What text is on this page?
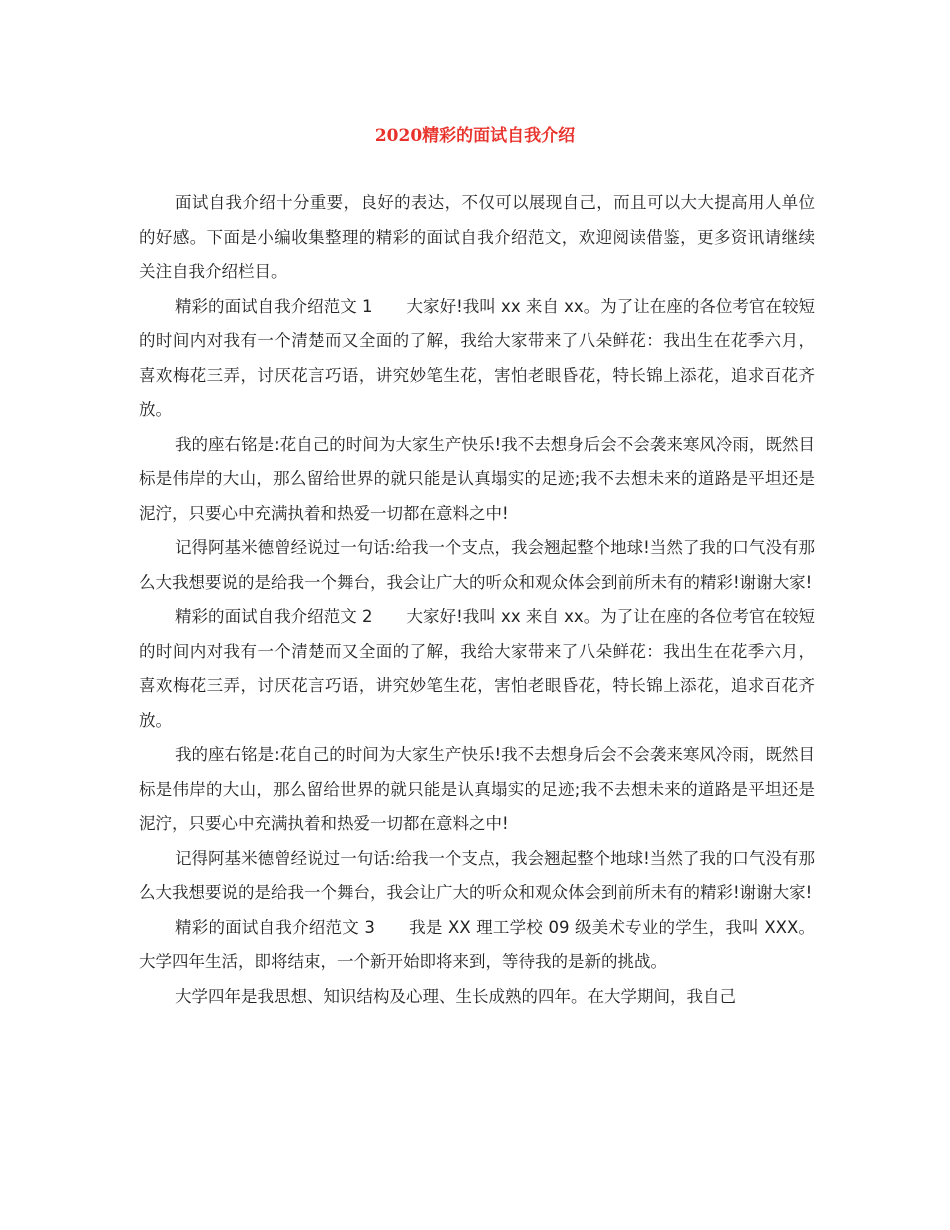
2020精彩的面试自我介绍

面试自我介绍十分重要，良好的表达，不仅可以展现自己，而且可以大大提高用人单位的好感。下面是小编收集整理的精彩的面试自我介绍范文，欢迎阅读借鉴，更多资讯请继续关注自我介绍栏目。

精彩的面试自我介绍范文 1 大家好!我叫 xx 来自 xx。为了让在座的各位考官在较短的时间内对我有一个清楚而又全面的了解，我给大家带来了八朵鲜花：我出生在花季六月，喜欢梅花三弄，讨厌花言巧语，讲究妙笔生花，害怕老眼昏花，特长锦上添花，追求百花齐放。

我的座右铭是:花自己的时间为大家生产快乐!我不去想身后会不会袭来寒风冷雨，既然目标是伟岸的大山，那么留给世界的就只能是认真塌实的足迹;我不去想未来的道路是平坦还是泥泞，只要心中充满执着和热爱一切都在意料之中!

记得阿基米德曾经说过一句话:给我一个支点，我会翘起整个地球!当然了我的口气没有那么大我想要说的是给我一个舞台，我会让广大的听众和观众体会到前所未有的精彩!谢谢大家!

精彩的面试自我介绍范文 2 大家好!我叫 xx 来自 xx。为了让在座的各位考官在较短的时间内对我有一个清楚而又全面的了解，我给大家带来了八朵鲜花：我出生在花季六月，喜欢梅花三弄，讨厌花言巧语，讲究妙笔生花，害怕老眼昏花，特长锦上添花，追求百花齐放。

我的座右铭是:花自己的时间为大家生产快乐!我不去想身后会不会袭来寒风冷雨，既然目标是伟岸的大山，那么留给世界的就只能是认真塌实的足迹;我不去想未来的道路是平坦还是泥泞，只要心中充满执着和热爱一切都在意料之中!

记得阿基米德曾经说过一句话:给我一个支点，我会翘起整个地球!当然了我的口气没有那么大我想要说的是给我一个舞台，我会让广大的听众和观众体会到前所未有的精彩!谢谢大家!

精彩的面试自我介绍范文 3 我是 XX 理工学校 09 级美术专业的学生，我叫 XXX。大学四年生活，即将结束，一个新开始即将来到，等待我的是新的挑战。

大学四年是我思想、知识结构及心理、生长成熟的四年。在大学期间，我自己
